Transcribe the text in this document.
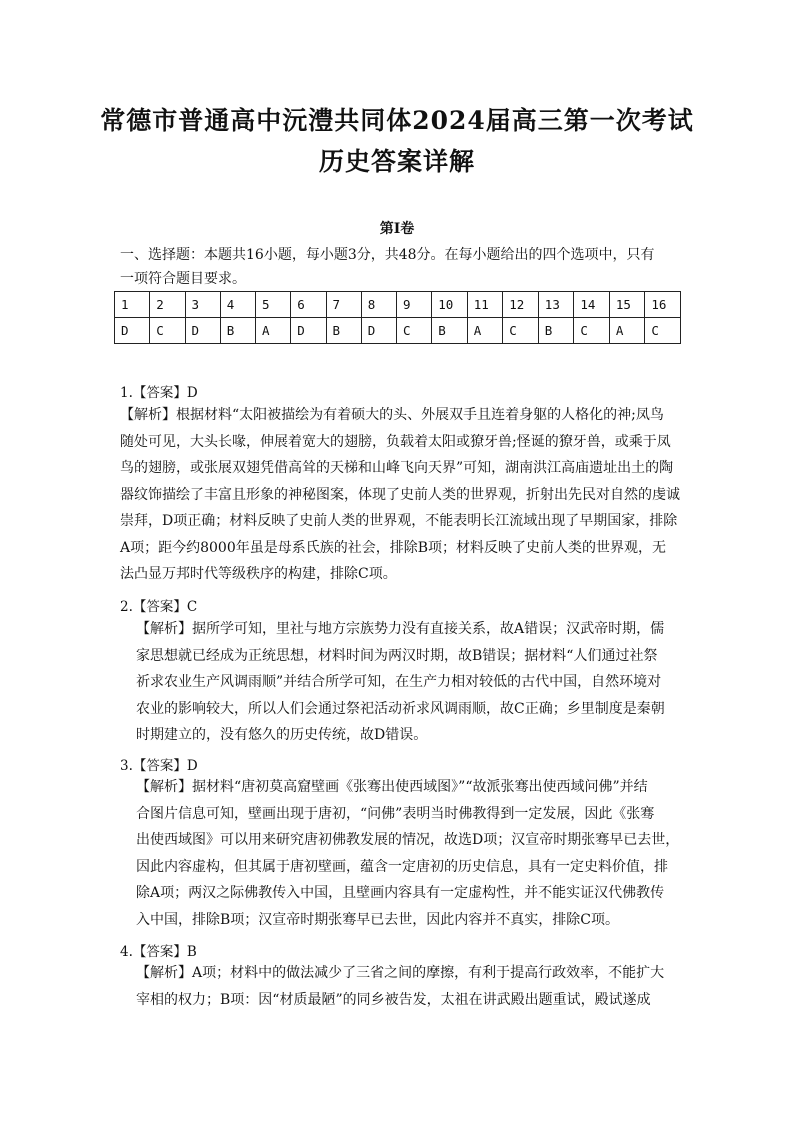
常德市普通高中沅澧共同体2024届高三第一次考试
历史答案详解
第Ⅰ卷
一、选择题：本题共16小题，每小题3分，共48分。在每小题给出的四个选项中，只有
一项符合题目要求。
1	2	3	4	5	6	7	8	9	10	11	12	13	14	15	16
D	C	D	B	A	D	B	D	C	B	A	C	B	C	A	C
1.【答案】D
【解析】根据材料“太阳被描绘为有着硕大的头、外展双手且连着身躯的人格化的神;凤鸟
随处可见，大头长喙，伸展着宽大的翅膀，负载着太阳或獠牙兽;怪诞的獠牙兽，或乘于凤
鸟的翅膀，或张展双翅凭借高耸的天梯和山峰飞向天界”可知，湖南洪江高庙遗址出土的陶
器纹饰描绘了丰富且形象的神秘图案，体现了史前人类的世界观，折射出先民对自然的虔诚
崇拜，D项正确；材料反映了史前人类的世界观，不能表明长江流域出现了早期国家，排除
A项；距今约8000年虽是母系氏族的社会，排除B项；材料反映了史前人类的世界观，无
法凸显万邦时代等级秩序的构建，排除C项。
2.【答案】C
【解析】据所学可知，里社与地方宗族势力没有直接关系，故A错误；汉武帝时期，儒
家思想就已经成为正统思想，材料时间为两汉时期，故B错误；据材料“人们通过社祭
祈求农业生产风调雨顺”并结合所学可知，在生产力相对较低的古代中国，自然环境对
农业的影响较大，所以人们会通过祭祀活动祈求风调雨顺，故C正确；乡里制度是秦朝
时期建立的，没有悠久的历史传统，故D错误。
3.【答案】D
【解析】据材料“唐初莫高窟壁画《张骞出使西域图》”“故派张骞出使西域问佛”并结
合图片信息可知，壁画出现于唐初，“问佛”表明当时佛教得到一定发展，因此《张骞
出使西域图》可以用来研究唐初佛教发展的情况，故选D项；汉宣帝时期张骞早已去世，
因此内容虚构，但其属于唐初壁画，蕴含一定唐初的历史信息，具有一定史料价值，排
除A项；两汉之际佛教传入中国，且壁画内容具有一定虚构性，并不能实证汉代佛教传
入中国，排除B项；汉宣帝时期张骞早已去世，因此内容并不真实，排除C项。
4.【答案】B
【解析】A项；材料中的做法减少了三省之间的摩擦，有利于提高行政效率，不能扩大
宰相的权力；B项：因“材质最陋”的同乡被告发，太祖在讲武殿出题重试，殿试遂成
